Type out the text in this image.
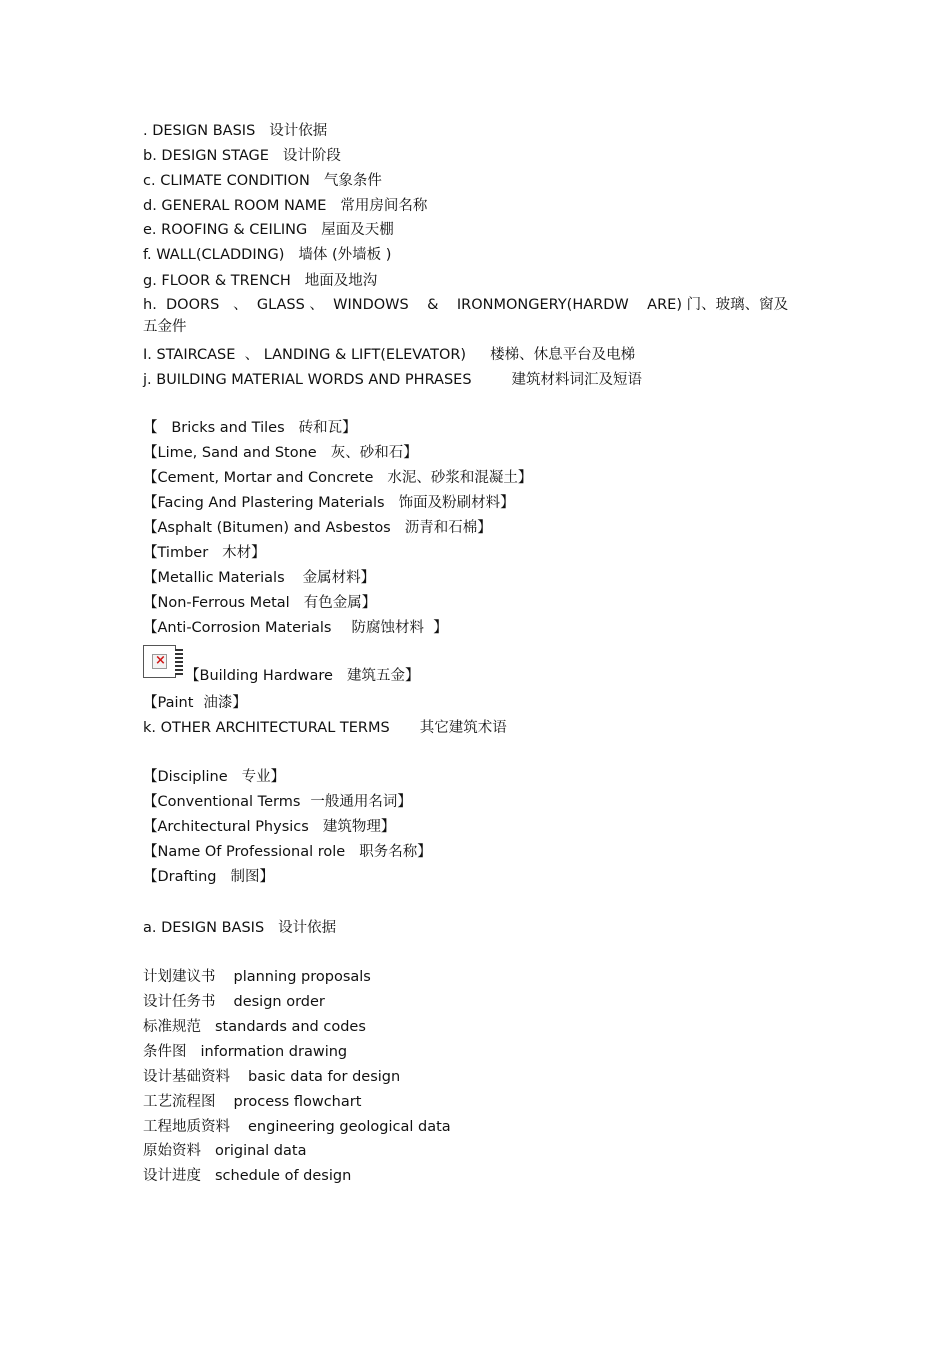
. DESIGN BASIS 设计依据
b. DESIGN STAGE 设计阶段
c. CLIMATE CONDITION 气象条件
d. GENERAL ROOM NAME 常用房间名称
e. ROOFING & CEILING 屋面及天棚
f. WALL(CLADDING) 墙体 (外墙板 )
g. FLOOR & TRENCH 地面及地沟
h.  DOORS   、  GLASS 、  WINDOWS    &    IRONMONGERY(HARDW    ARE) 门、玻璃、窗及五金件
I. STAIRCASE  、 LANDING & LIFT(ELEVATOR) 楼梯、休息平台及电梯
j. BUILDING MATERIAL WORDS AND PHRASES	建筑材料词汇及短语
【   Bricks and Tiles 砖和瓦】
【Lime, Sand and Stone 灰、砂和石】
【Cement, Mortar and Concrete 水泥、砂浆和混凝土】
【Facing And Plastering Materials 饰面及粉刷材料】
【Asphalt (Bitumen) and Asbestos 沥青和石棉】
【Timber 木材】
【Metallic Materials 金属材料】
【Non-Ferrous Metal 有色金属】
【Anti-Corrosion Materials 防腐蚀材料  】
×
【Building Hardware 建筑五金】
【Paint 油漆】
k. OTHER ARCHITECTURAL TERMS 其它建筑术语
【Discipline 专业】
【Conventional Terms 一般通用名词】
【Architectural Physics 建筑物理】
【Name Of Professional role 职务名称】
【Drafting 制图】
a. DESIGN BASIS 设计依据
计划建议书 planning proposals
设计任务书 design order
标准规范 standards and codes
条件图 information drawing
设计基础资料 basic data for design
工艺流程图 process flowchart
工程地质资料 engineering geological data
原始资料 original data
设计进度 schedule of design
